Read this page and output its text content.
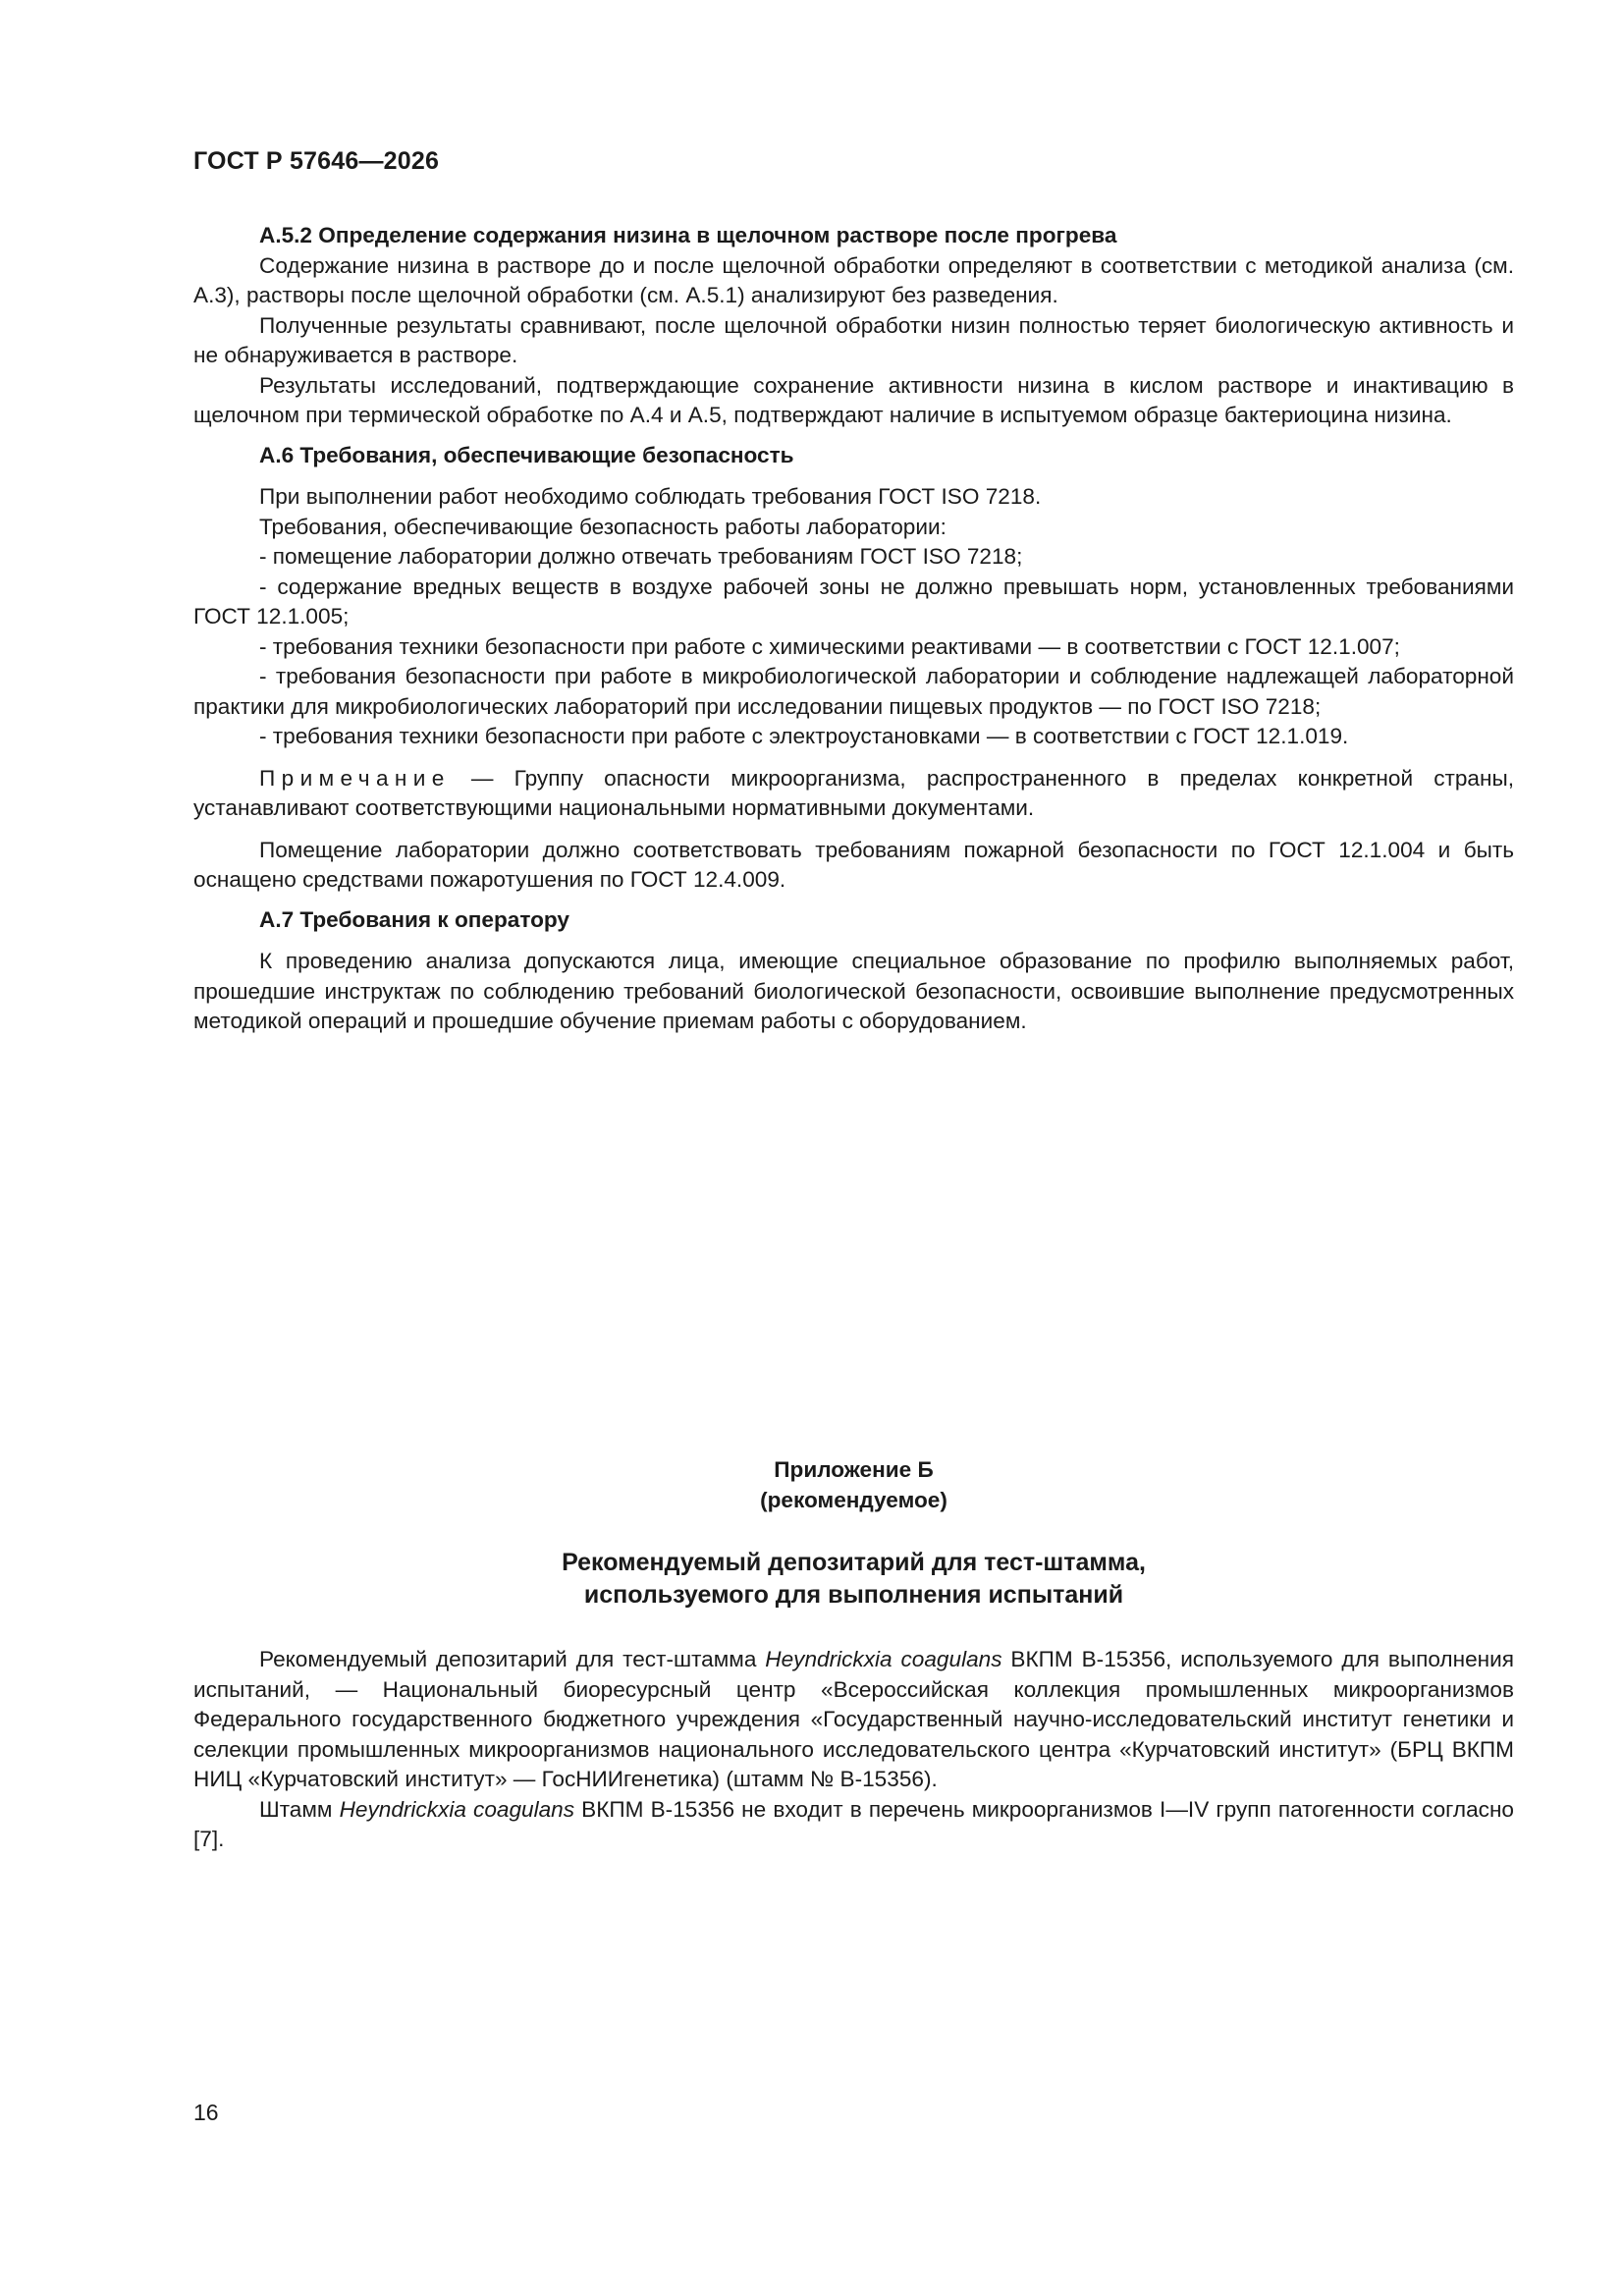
ГОСТ Р 57646—2026

А.5.2 Определение содержания низина в щелочном растворе после прогрева

Содержание низина в растворе до и после щелочной обработки определяют в соответствии с методикой анализа (см. А.3), растворы после щелочной обработки (см. А.5.1) анализируют без разведения.

Полученные результаты сравнивают, после щелочной обработки низин полностью теряет биологическую активность и не обнаруживается в растворе.

Результаты исследований, подтверждающие сохранение активности низина в кислом растворе и инактивацию в щелочном при термической обработке по А.4 и А.5, подтверждают наличие в испытуемом образце бактериоцина низина.

А.6 Требования, обеспечивающие безопасность

При выполнении работ необходимо соблюдать требования ГОСТ ISO 7218.

Требования, обеспечивающие безопасность работы лаборатории:

- помещение лаборатории должно отвечать требованиям ГОСТ ISO 7218;

- содержание вредных веществ в воздухе рабочей зоны не должно превышать норм, установленных требованиями ГОСТ 12.1.005;

- требования техники безопасности при работе с химическими реактивами — в соответствии с ГОСТ 12.1.007;

- требования безопасности при работе в микробиологической лаборатории и соблюдение надлежащей лабораторной практики для микробиологических лабораторий при исследовании пищевых продуктов — по ГОСТ ISO 7218;

- требования техники безопасности при работе с электроустановками — в соответствии с ГОСТ 12.1.019.

Примечание — Группу опасности микроорганизма, распространенного в пределах конкретной страны, устанавливают соответствующими национальными нормативными документами.

Помещение лаборатории должно соответствовать требованиям пожарной безопасности по ГОСТ 12.1.004 и быть оснащено средствами пожаротушения по ГОСТ 12.4.009.

А.7 Требования к оператору

К проведению анализа допускаются лица, имеющие специальное образование по профилю выполняемых работ, прошедшие инструктаж по соблюдению требований биологической безопасности, освоившие выполнение предусмотренных методикой операций и прошедшие обучение приемам работы с оборудованием.

Приложение Б

(рекомендуемое)

Рекомендуемый депозитарий для тест-штамма,

используемого для выполнения испытаний

Рекомендуемый депозитарий для тест-штамма Heyndrickxia coagulans ВКПМ В-15356, используемого для выполнения испытаний, — Национальный биоресурсный центр «Всероссийская коллекция промышленных микроорганизмов Федерального государственного бюджетного учреждения «Государственный научно-исследовательский институт генетики и селекции промышленных микроорганизмов национального исследовательского центра «Курчатовский институт» (БРЦ ВКПМ НИЦ «Курчатовский институт» — ГосНИИгенетика) (штамм № В-15356).

Штамм Heyndrickxia coagulans ВКПМ В-15356 не входит в перечень микроорганизмов I—IV групп патогенности согласно [7].

16
